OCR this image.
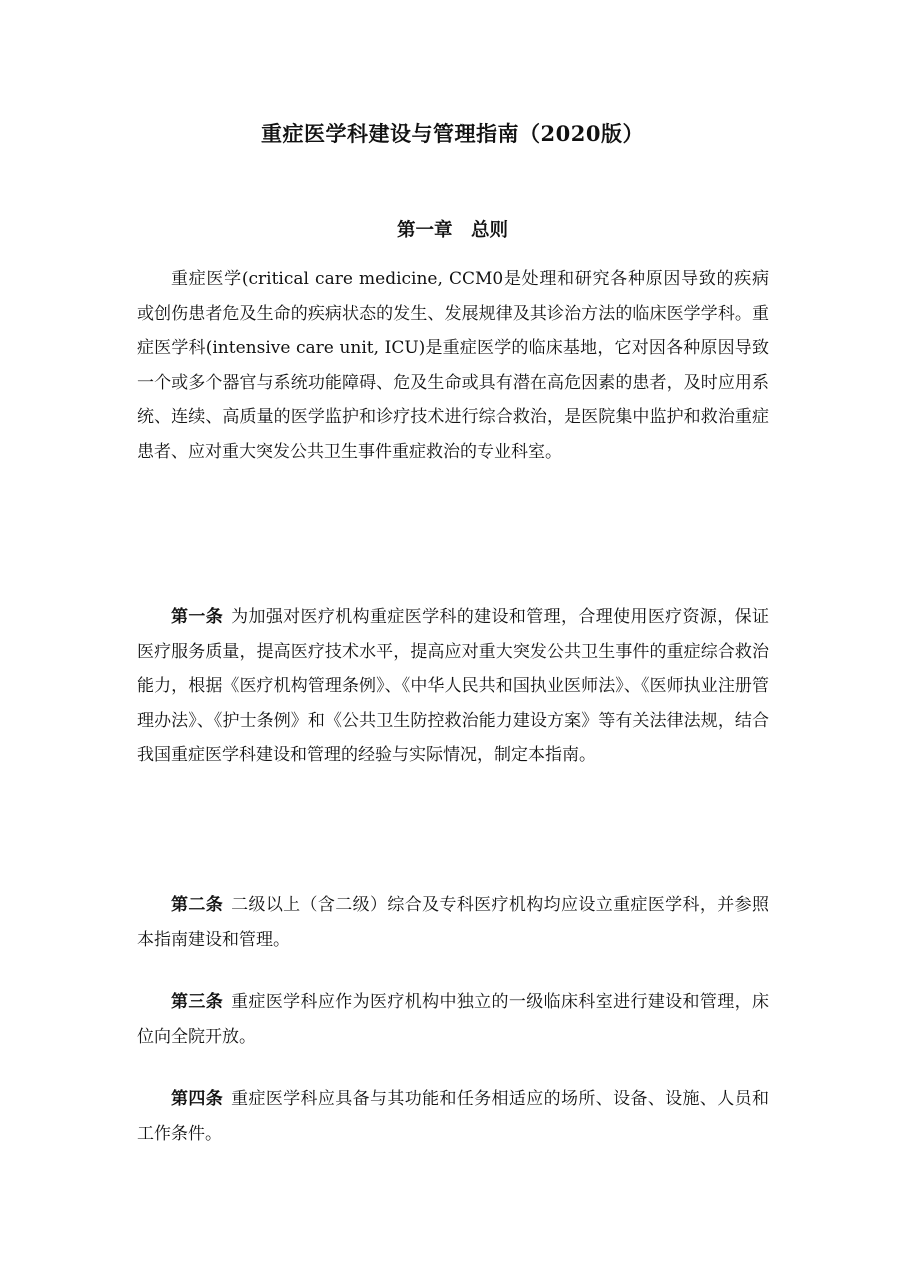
重症医学科建设与管理指南（2020版）
第一章　总则

重症医学(critical care medicine, CCM0是处理和研究各种原因导致的疾病或创伤患者危及生命的疾病状态的发生、发展规律及其诊治方法的临床医学学科。重症医学科(intensive care unit, ICU)是重症医学的临床基地，它对因各种原因导致一个或多个器官与系统功能障碍、危及生命或具有潜在高危因素的患者，及时应用系统、连续、高质量的医学监护和诊疗技术进行综合救治，是医院集中监护和救治重症患者、应对重大突发公共卫生事件重症救治的专业科室。

第一条 为加强对医疗机构重症医学科的建设和管理，合理使用医疗资源，保证医疗服务质量，提高医疗技术水平，提高应对重大突发公共卫生事件的重症综合救治能力，根据《医疗机构管理条例》、《中华人民共和国执业医师法》、《医师执业注册管理办法》、《护士条例》和《公共卫生防控救治能力建设方案》等有关法律法规，结合我国重症医学科建设和管理的经验与实际情况，制定本指南。

第二条 二级以上（含二级）综合及专科医疗机构均应设立重症医学科，并参照本指南建设和管理。

第三条 重症医学科应作为医疗机构中独立的一级临床科室进行建设和管理，床位向全院开放。

第四条 重症医学科应具备与其功能和任务相适应的场所、设备、设施、人员和工作条件。
